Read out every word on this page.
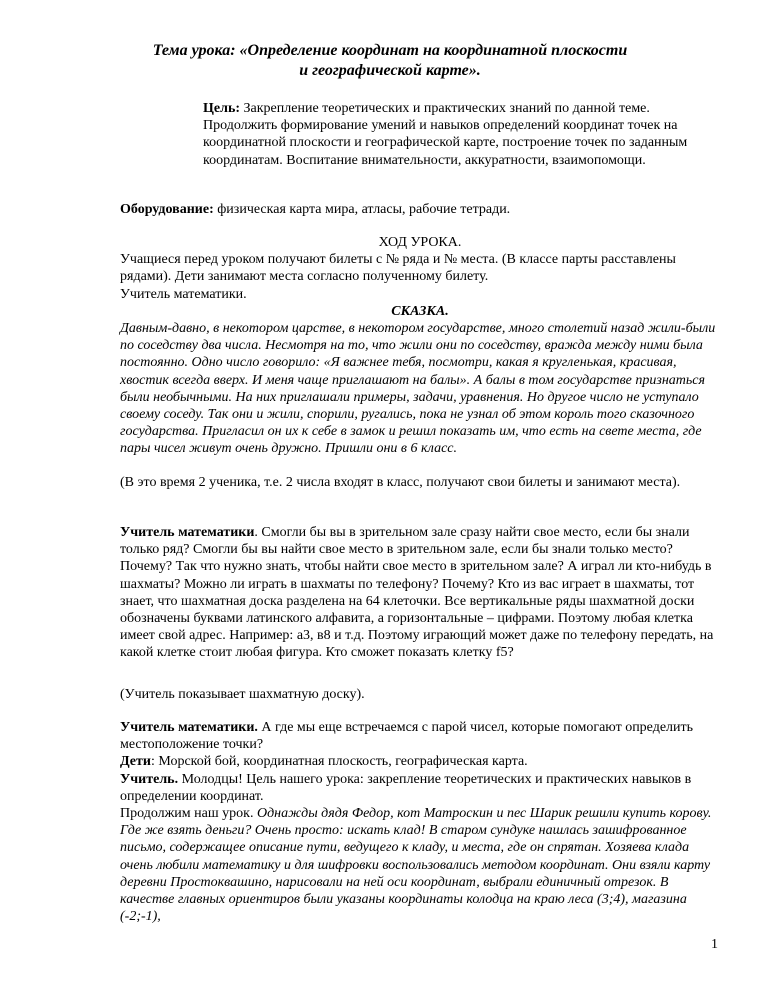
Тема урока: «Определение координат на координатной плоскости
и географической карте».
Цель: Закрепление теоретических и практических знаний по данной теме. Продолжить формирование умений и навыков определений координат точек на координатной плоскости и географической карте, построение точек по заданным координатам. Воспитание внимательности, аккуратности, взаимопомощи.
Оборудование: физическая карта мира, атласы, рабочие тетради.

ХОД УРОКА.

Учащиеся перед уроком получают билеты с № ряда и № места. (В классе парты расставлены рядами). Дети занимают места согласно полученному билету.

Учитель математики.

СКАЗКА.

Давным-давно, в некотором царстве, в некотором государстве, много столетий назад жили-были по соседству два числа. Несмотря на то, что жили они по соседству, вражда между ними была постоянно. Одно число говорило: «Я важнее тебя, посмотри, какая я кругленькая, красивая, хвостик всегда вверх. И меня чаще приглашают на балы». А балы в том государстве признаться были необычными. На них приглашали примеры, задачи, уравнения. Но другое число не уступало своему соседу. Так они и жили, спорили, ругались, пока не узнал об этом король того сказочного государства. Пригласил он их к себе в замок и решил показать им, что есть на свете места, где пары чисел живут очень дружно. Пришли они в 6 класс.

(В это время 2 ученика, т.е. 2 числа входят в класс, получают свои билеты и занимают места).

Учитель математики. Смогли бы вы в зрительном зале сразу найти свое место, если бы знали только ряд? Смогли бы вы найти свое место в зрительном зале, если бы знали только место? Почему? Так что нужно знать, чтобы найти свое место в зрительном зале? А играл ли кто-нибудь в шахматы? Можно ли играть в шахматы по телефону? Почему? Кто из вас играет в шахматы, тот знает, что шахматная доска разделена на 64 клеточки. Все вертикальные ряды шахматной доски обозначены буквами латинского алфавита, а горизонтальные – цифрами. Поэтому любая клетка имеет свой адрес. Например: а3, в8 и т.д. Поэтому играющий может даже по телефону передать, на какой клетке стоит любая фигура. Кто сможет показать клетку f5?

(Учитель показывает шахматную доску).

Учитель математики. А где мы еще встречаемся с парой чисел, которые помогают определить местоположение точки?

Дети: Морской бой, координатная плоскость, географическая карта.

Учитель. Молодцы! Цель нашего урока: закрепление теоретических и практических навыков в определении координат.

Продолжим наш урок. Однажды дядя Федор, кот Матроскин и пес Шарик решили купить корову. Где же взять деньги? Очень просто: искать клад! В старом сундуке нашлась зашифрованное письмо, содержащее описание пути, ведущего к кладу, и места, где он спрятан. Хозяева клада очень любили математику и для шифровки воспользовались методом координат. Они взяли карту деревни Простоквашино, нарисовали на ней оси координат, выбрали единичный отрезок. В качестве главных ориентиров были указаны координаты колодца на краю леса (3;4), магазина (-2;-1),

1
